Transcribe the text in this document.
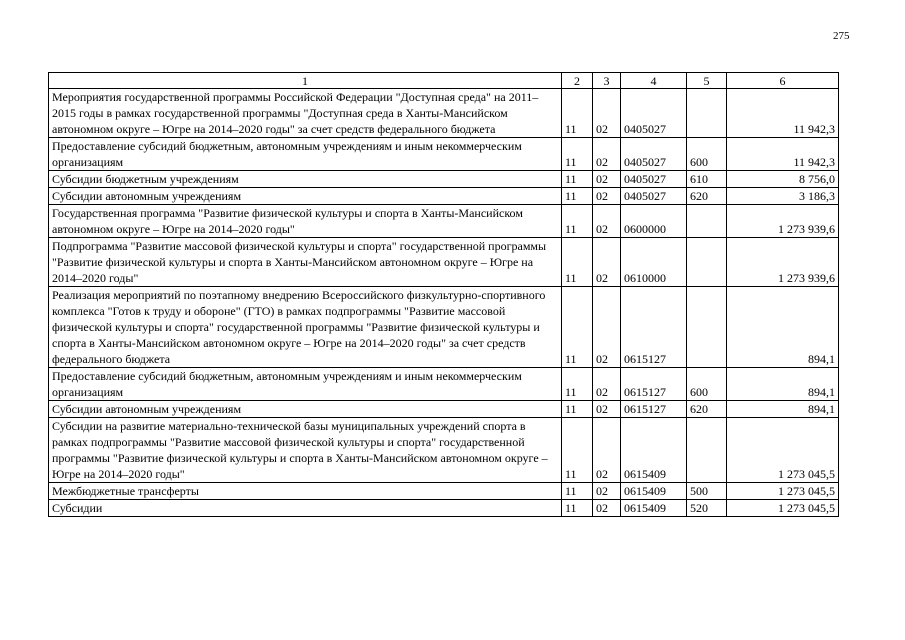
275
1	2	3	4	5	6
Мероприятия государственной программы Российской Федерации "Доступная среда" на 2011–2015 годы в рамках государственной программы "Доступная среда в Ханты-Мансийском автономном округе – Югре на 2014–2020 годы" за счет средств федерального бюджета	11	02	0405027		11 942,3
Предоставление субсидий бюджетным, автономным учреждениям и иным некоммерческим организациям	11	02	0405027	600	11 942,3
Субсидии бюджетным учреждениям	11	02	0405027	610	8 756,0
Субсидии автономным учреждениям	11	02	0405027	620	3 186,3
Государственная программа "Развитие физической культуры и спорта в Ханты-Мансийском автономном округе – Югре на 2014–2020 годы"	11	02	0600000		1 273 939,6
Подпрограмма "Развитие массовой физической культуры и спорта" государственной программы "Развитие физической культуры и спорта в Ханты-Мансийском автономном округе – Югре на 2014–2020 годы"	11	02	0610000		1 273 939,6
Реализация мероприятий по поэтапному внедрению Всероссийского физкультурно-спортивного комплекса "Готов к труду и обороне" (ГТО) в рамках подпрограммы "Развитие массовой физической культуры и спорта" государственной программы "Развитие физической культуры и спорта в Ханты-Мансийском автономном округе – Югре на 2014–2020 годы" за счет средств федерального бюджета	11	02	0615127		894,1
Предоставление субсидий бюджетным, автономным учреждениям и иным некоммерческим организациям	11	02	0615127	600	894,1
Субсидии автономным учреждениям	11	02	0615127	620	894,1
Субсидии на развитие материально-технической базы муниципальных учреждений спорта в рамках подпрограммы "Развитие массовой физической культуры и спорта" государственной программы "Развитие физической культуры и спорта в Ханты-Мансийском автономном округе – Югре на 2014–2020 годы"	11	02	0615409		1 273 045,5
Межбюджетные трансферты	11	02	0615409	500	1 273 045,5
Субсидии	11	02	0615409	520	1 273 045,5
